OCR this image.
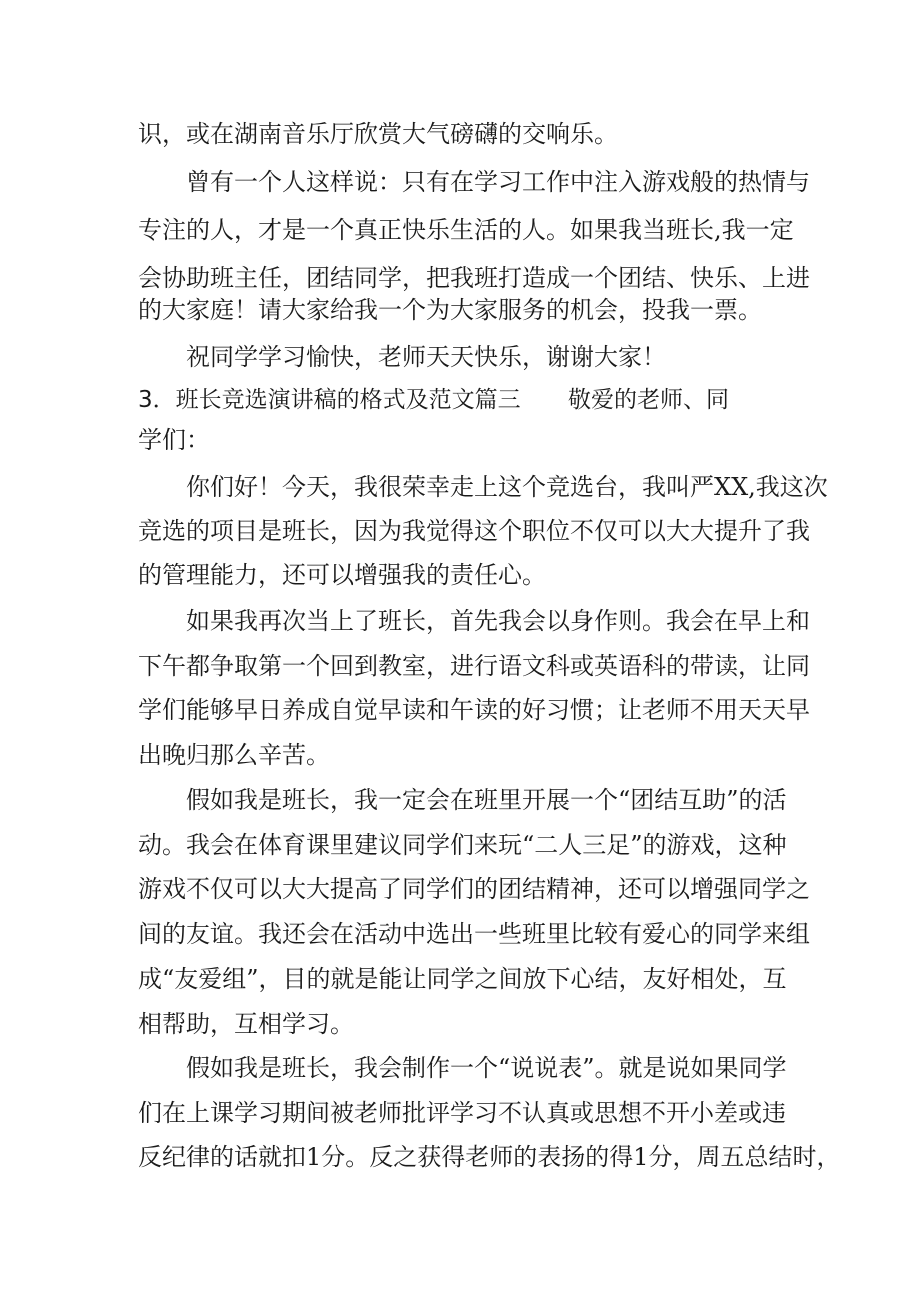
识，或在湖南音乐厅欣赏大气磅礴的交响乐。
曾有一个人这样说：只有在学习工作中注入游戏般的热情与
专注的人，才是一个真正快乐生活的人。如果我当班长,我一定
会协助班主任，团结同学，把我班打造成一个团结、快乐、上进
的大家庭！请大家给我一个为大家服务的机会，投我一票。
祝同学学习愉快，老师天天快乐，谢谢大家！
3．班长竞选演讲稿的格式及范文篇三 敬爱的老师、同
学们：
你们好！今天，我很荣幸走上这个竞选台，我叫严XX,我这次
竞选的项目是班长，因为我觉得这个职位不仅可以大大提升了我
的管理能力，还可以增强我的责任心。
如果我再次当上了班长，首先我会以身作则。我会在早上和
下午都争取第一个回到教室，进行语文科或英语科的带读，让同
学们能够早日养成自觉早读和午读的好习惯；让老师不用天天早
出晚归那么辛苦。
假如我是班长，我一定会在班里开展一个“团结互助”的活
动。我会在体育课里建议同学们来玩“二人三足”的游戏，这种
游戏不仅可以大大提高了同学们的团结精神，还可以增强同学之
间的友谊。我还会在活动中选出一些班里比较有爱心的同学来组
成“友爱组”，目的就是能让同学之间放下心结，友好相处，互
相帮助，互相学习。
假如我是班长，我会制作一个“说说表”。就是说如果同学
们在上课学习期间被老师批评学习不认真或思想不开小差或违
反纪律的话就扣1分。反之获得老师的表扬的得1分，周五总结时，
